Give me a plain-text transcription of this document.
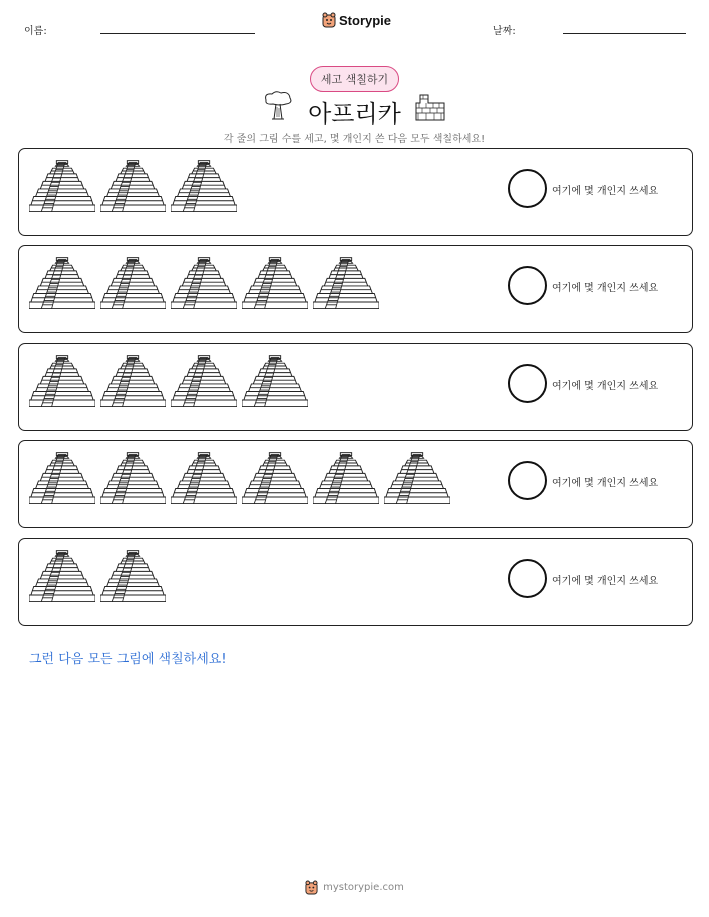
이름:
Storypie
날짜:
세고 색칠하기
아프리카
각 줄의 그림 수를 세고, 몇 개인지 쓴 다음 모두 색칠하세요!
여기에 몇 개인지 쓰세요
여기에 몇 개인지 쓰세요
여기에 몇 개인지 쓰세요
여기에 몇 개인지 쓰세요
여기에 몇 개인지 쓰세요
그런 다음 모든 그림에 색칠하세요!
mystorypie.com
